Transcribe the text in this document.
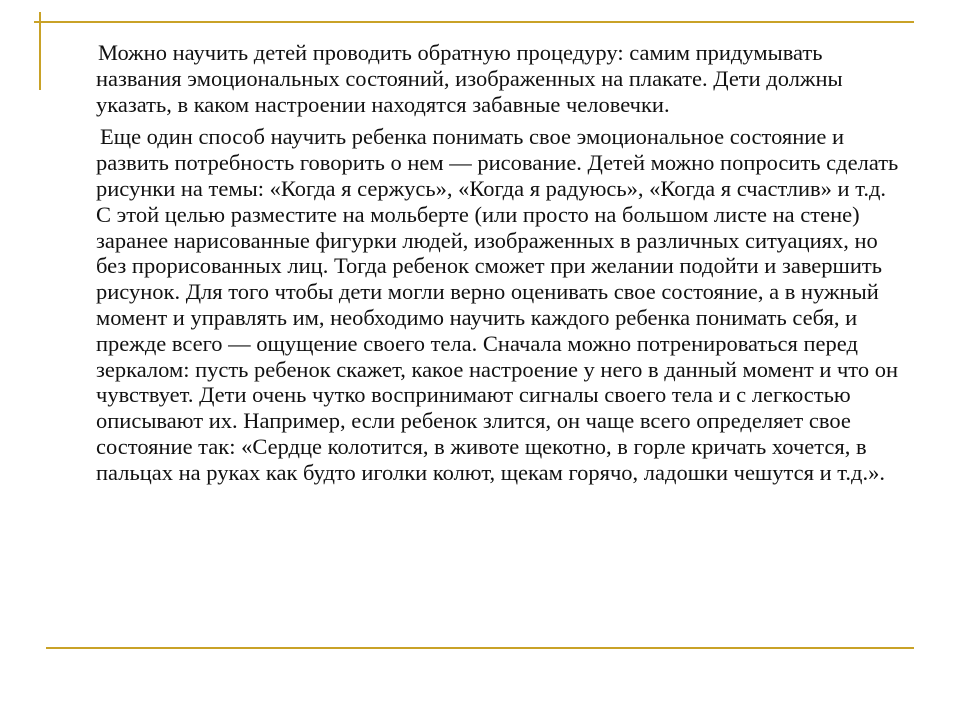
Можно научить детей проводить обратную процедуру: самим придумывать названия эмоциональных состояний, изображенных на плакате. Дети должны указать, в каком настроении находятся забавные человечки.

Еще один способ научить ребенка понимать свое эмоциональное состояние и развить потребность говорить о нем — рисование. Детей можно попросить сделать рисунки на темы: «Когда я сержусь», «Когда я радуюсь», «Когда я счастлив» и т.д. С этой целью разместите на мольберте (или просто на большом листе на стене) заранее нарисованные фигурки людей, изображенных в различных ситуациях, но без прорисованных лиц. Тогда ребенок сможет при желании подойти и завершить рисунок. Для того чтобы дети могли верно оценивать свое состояние, а в нужный момент и управлять им, необходимо научить каждого ребенка понимать себя, и прежде всего — ощущение своего тела. Сначала можно потренироваться перед зеркалом: пусть ребенок скажет, какое настроение у него в данный момент и что он чувствует. Дети очень чутко воспринимают сигналы своего тела и с легкостью описывают их. Например, если ребенок злится, он чаще всего определяет свое состояние так: «Сердце колотится, в животе щекотно, в горле кричать хочется, в пальцах на руках как будто иголки колют, щекам горячо, ладошки чешутся и т.д.».
